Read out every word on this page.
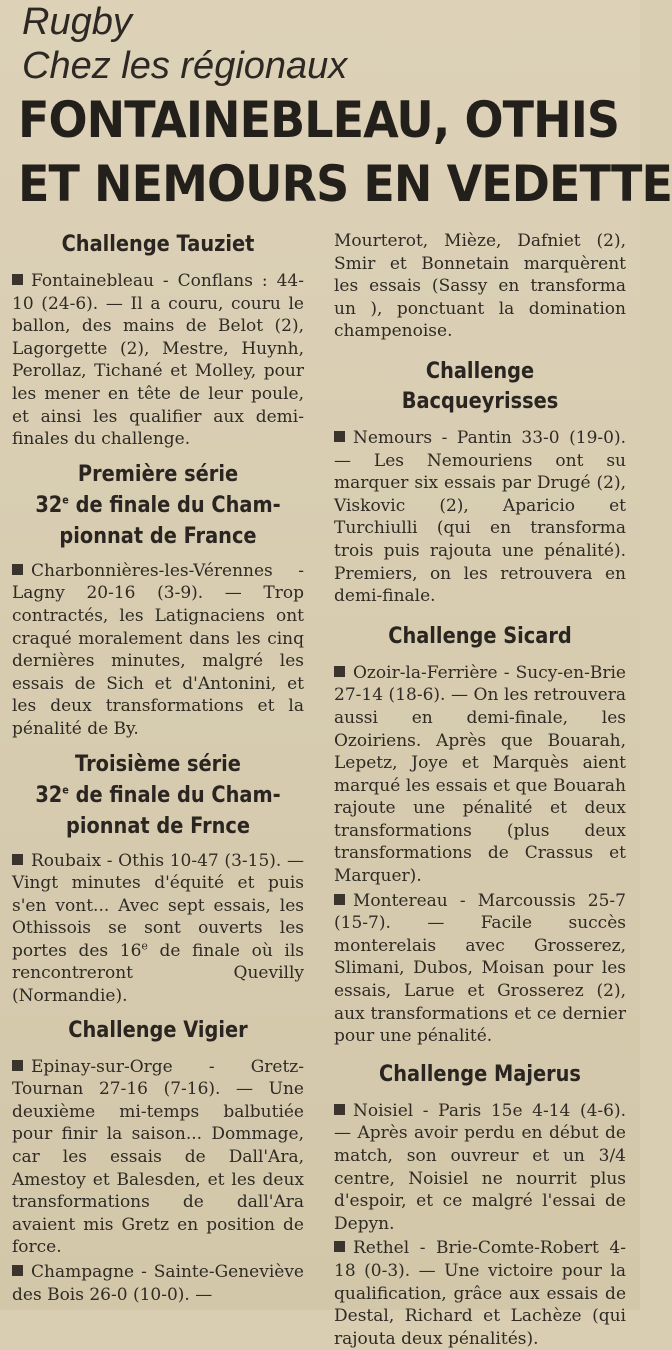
Rugby

Chez les régionaux

FONTAINEBLEAU, OTHIS
ET NEMOURS EN VEDETTE
Challenge Tauziet

Fontainebleau - Conflans : 44-10 (24-6). — Il a couru, couru le ballon, des mains de Belot (2), Lagorgette (2), Mestre, Huynh, Perollaz, Tichané et Molley, pour les mener en tête de leur poule, et ainsi les qualifier aux demi-finales du challenge.

Première série
32e de finale du Cham-
pionnat de France

Charbonnières-les-Vérennes - Lagny 20-16 (3-9). — Trop contractés, les Latignaciens ont craqué moralement dans les cinq dernières minutes, malgré les essais de Sich et d'Antonini, et les deux transformations et la pénalité de By.

Troisième série
32e de finale du Cham-
pionnat de Frnce

Roubaix - Othis 10-47 (3-15). — Vingt minutes d'équité et puis s'en vont... Avec sept essais, les Othissois se sont ouverts les portes des 16e de finale où ils rencontreront Quevilly (Normandie).

Challenge Vigier

Epinay-sur-Orge - Gretz-Tournan 27-16 (7-16). — Une deuxième mi-temps balbutiée pour finir la saison... Dommage, car les essais de Dall'Ara, Amestoy et Balesden, et les deux transformations de dall'Ara avaient mis Gretz en position de force.

Champagne - Sainte-Geneviève des Bois 26-0 (10-0). —

Mourterot, Mièze, Dafniet (2), Smir et Bonnetain marquèrent les essais (Sassy en transforma un ), ponctuant la domination champenoise.

Challenge Bacqueyrisses

Nemours - Pantin 33-0 (19-0). — Les Nemouriens ont su marquer six essais par Drugé (2), Viskovic (2), Aparicio et Turchiulli (qui en transforma trois puis rajouta une pénalité). Premiers, on les retrouvera en demi-finale.

Challenge Sicard

Ozoir-la-Ferrière - Sucy-en-Brie 27-14 (18-6). — On les retrouvera aussi en demi-finale, les Ozoiriens. Après que Bouarah, Lepetz, Joye et Marquès aient marqué les essais et que Bouarah rajoute une pénalité et deux transformations (plus deux transformations de Crassus et Marquer).

Montereau - Marcoussis 25-7 (15-7). — Facile succès monterelais avec Grosserez, Slimani, Dubos, Moisan pour les essais, Larue et Grosserez (2), aux transformations et ce dernier pour une pénalité.

Challenge Majerus

Noisiel - Paris 15e 4-14 (4-6). — Après avoir perdu en début de match, son ouvreur et un 3/4 centre, Noisiel ne nourrit plus d'espoir, et ce malgré l'essai de Depyn.

Rethel - Brie-Comte-Robert 4-18 (0-3). — Une victoire pour la qualification, grâce aux essais de Destal, Richard et Lachèze (qui rajouta deux pénalités).
